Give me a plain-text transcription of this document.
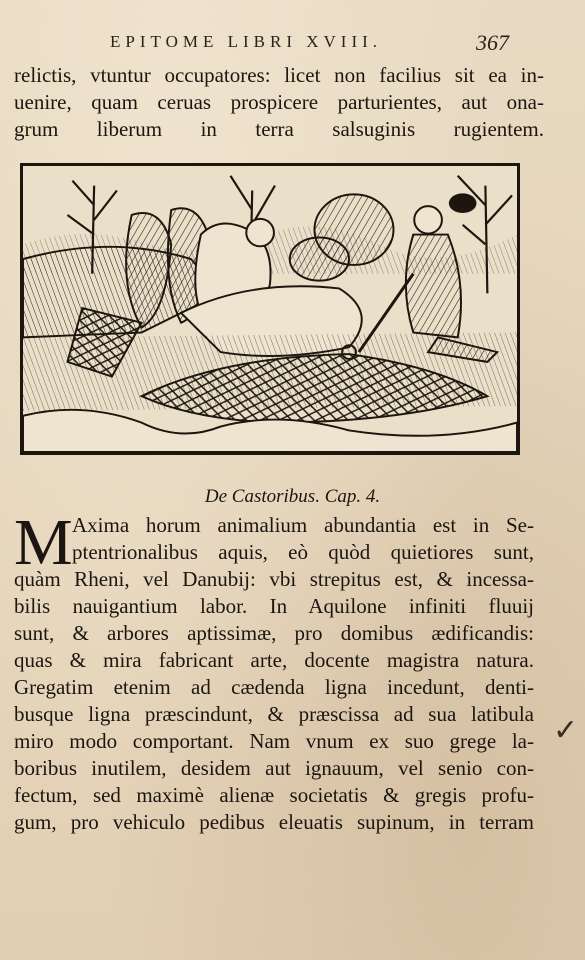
EPITOME LIBRI XVIII.	367
relictis, vtuntur occupatores: licet non facilius sit ea in-
uenire, quam ceruas prospicere parturientes, aut ona-
grum liberum in terra salsuginis rugientem.
De Castoribus. Cap. 4.
M Axima horum animalium abundantia est in Se-
ptentrionalibus aquis, eò quòd quietiores sunt,
quàm Rheni, vel Danubij: vbi strepitus est, & incessa-
bilis nauigantium labor. In Aquilone infiniti fluuij
sunt, & arbores aptissimæ, pro domibus ædificandis:
quas & mira fabricant arte, docente magistra natura.
Gregatim etenim ad cædenda ligna incedunt, denti-
busque ligna præscindunt, & præscissa ad sua latibula
miro modo comportant. Nam vnum ex suo grege la-
boribus inutilem, desidem aut ignauum, vel senio con-
fectum, sed maximè alienæ societatis & gregis profu-
gum, pro vehiculo pedibus eleuatis supinum, in terram
✓
